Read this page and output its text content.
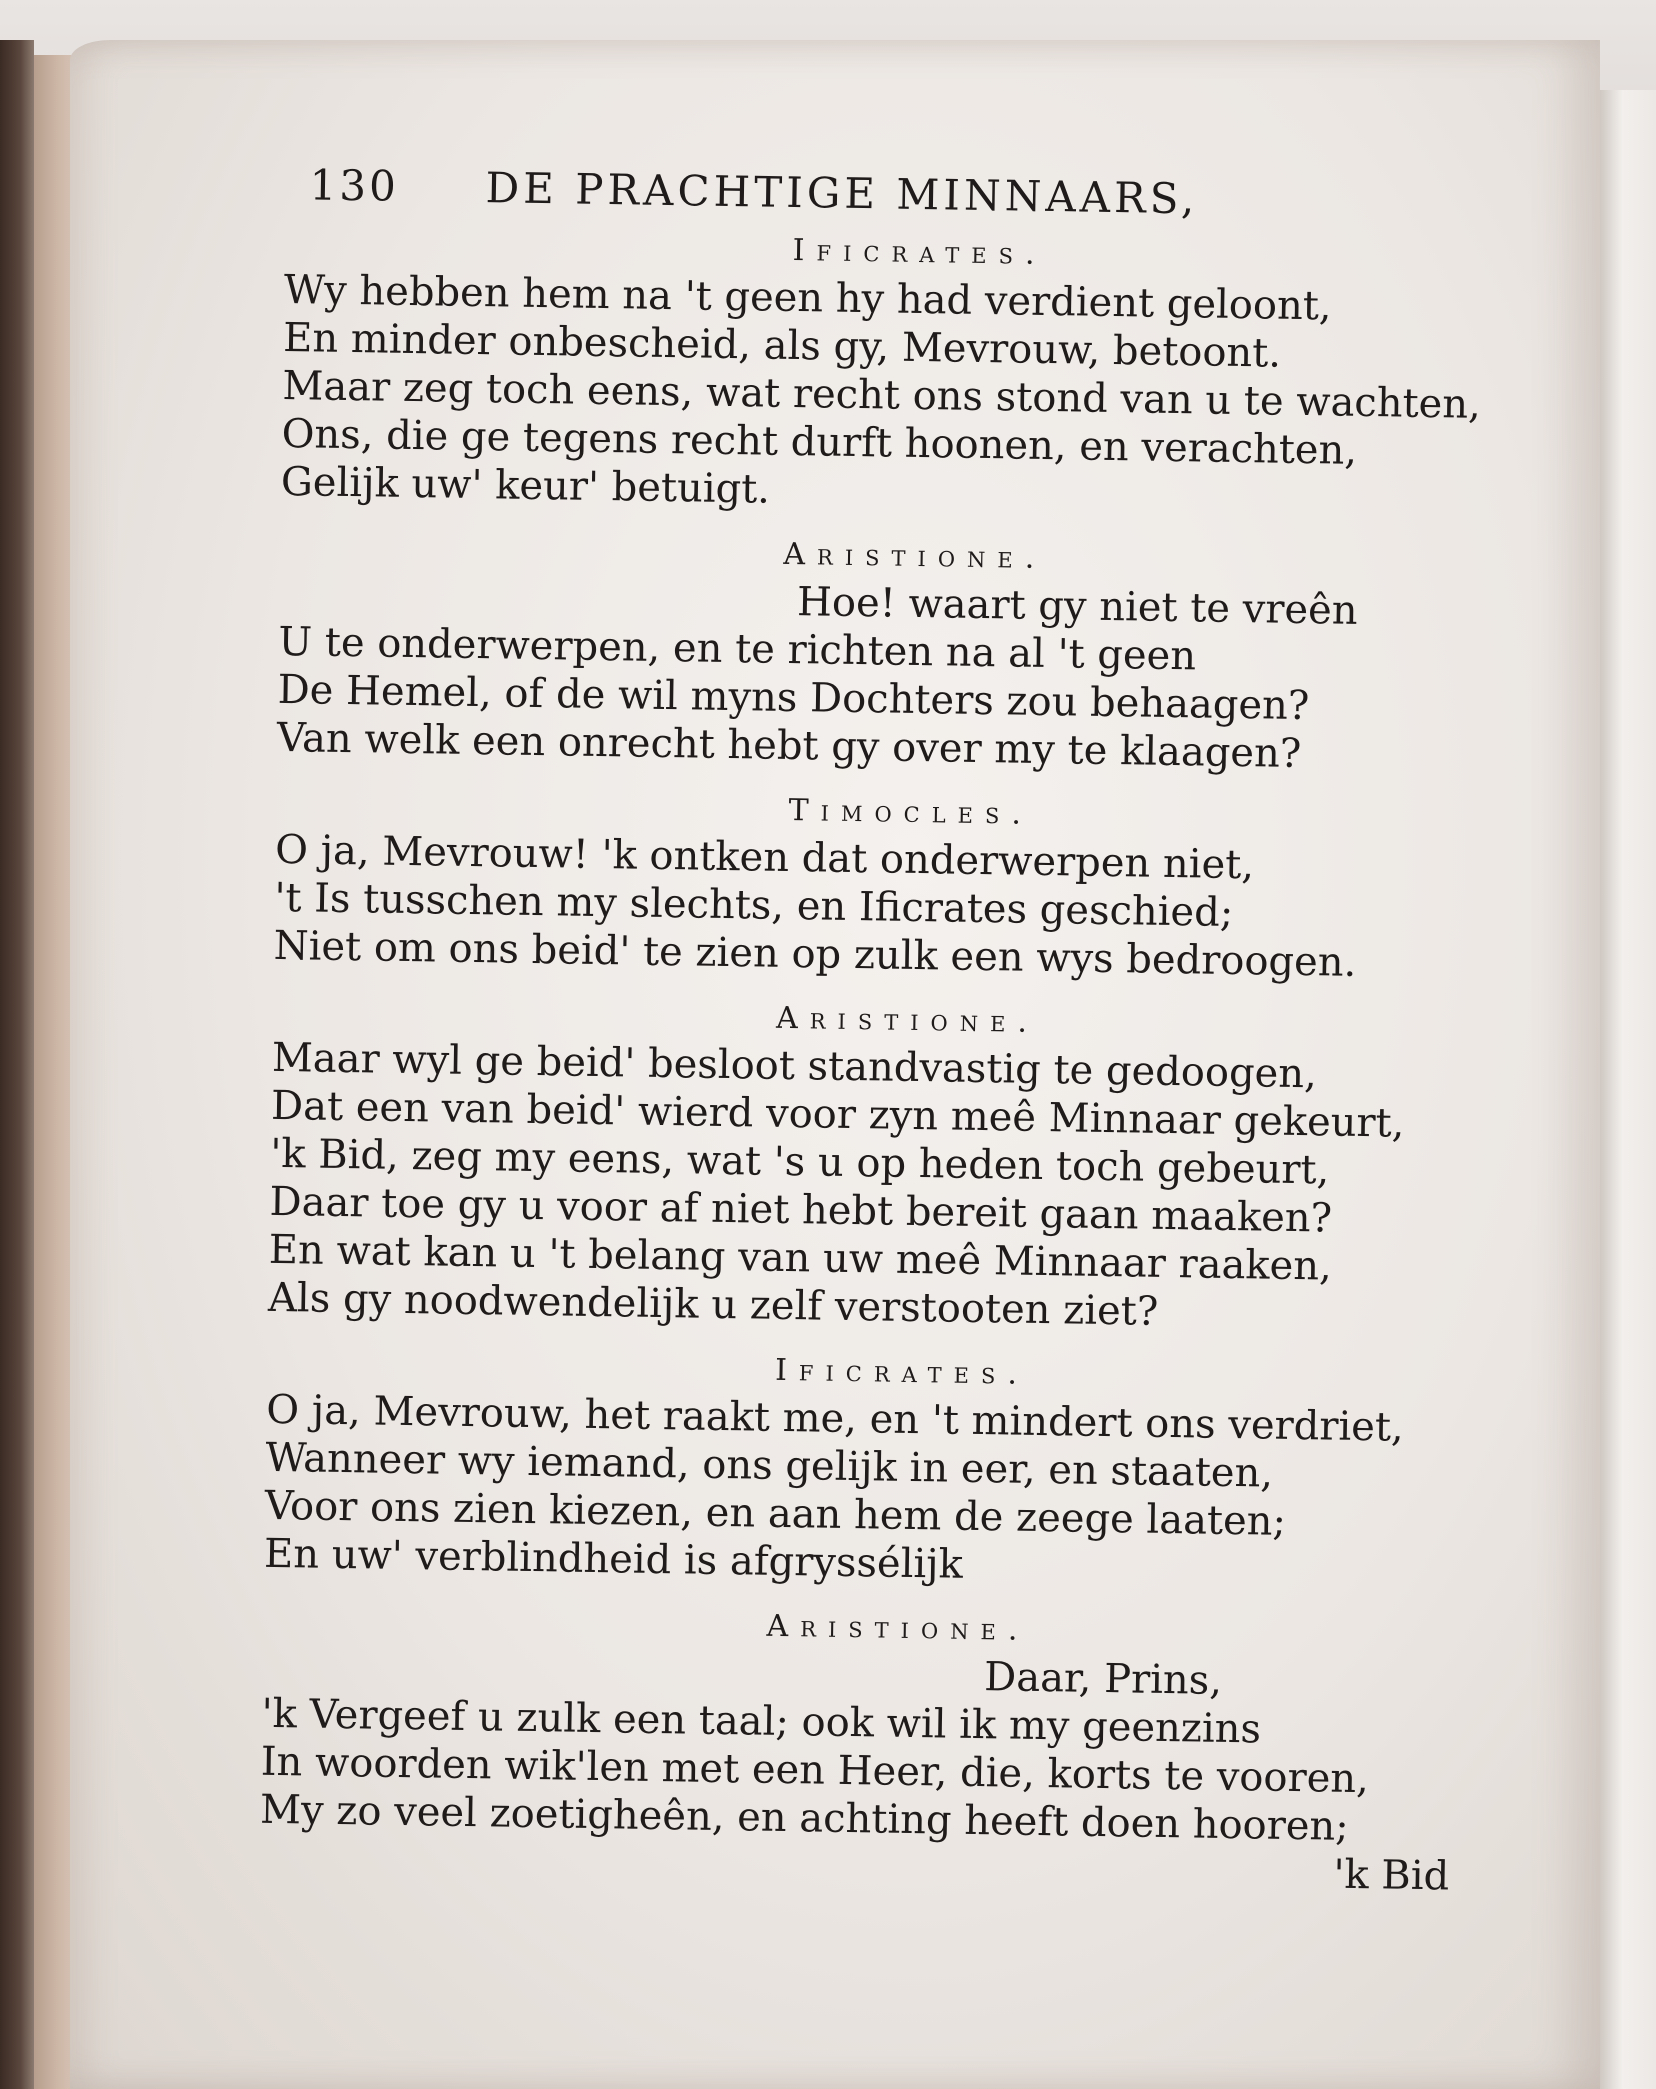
130 DE PRACHTIGE MINNAARS,
Ificrates.
Wy hebben hem na 't geen hy had verdient geloont,
En minder onbescheid, als gy, Mevrouw, betoont.
Maar zeg toch eens, wat recht ons stond van u te wachten,
Ons, die ge tegens recht durft hoonen, en verachten,
Gelijk uw' keur' betuigt.
Aristione.
Hoe! waart gy niet te vreên
U te onderwerpen, en te richten na al 't geen
De Hemel, of de wil myns Dochters zou behaagen?
Van welk een onrecht hebt gy over my te klaagen?
Timocles.
O ja, Mevrouw! 'k ontken dat onderwerpen niet,
't Is tusschen my slechts, en Ificrates geschied;
Niet om ons beid' te zien op zulk een wys bedroogen.
Aristione.
Maar wyl ge beid' besloot standvastig te gedoogen,
Dat een van beid' wierd voor zyn meê Minnaar gekeurt,
'k Bid, zeg my eens, wat 's u op heden toch gebeurt,
Daar toe gy u voor af niet hebt bereit gaan maaken?
En wat kan u 't belang van uw meê Minnaar raaken,
Als gy noodwendelijk u zelf verstooten ziet?
Ificrates.
O ja, Mevrouw, het raakt me, en 't mindert ons verdriet,
Wanneer wy iemand, ons gelijk in eer, en staaten,
Voor ons zien kiezen, en aan hem de zeege laaten;
En uw' verblindheid is afgryssélijk
Aristione.
Daar, Prins,
'k Vergeef u zulk een taal; ook wil ik my geenzins
In woorden wik'len met een Heer, die, korts te vooren,
My zo veel zoetigheên, en achting heeft doen hooren;
'k Bid
